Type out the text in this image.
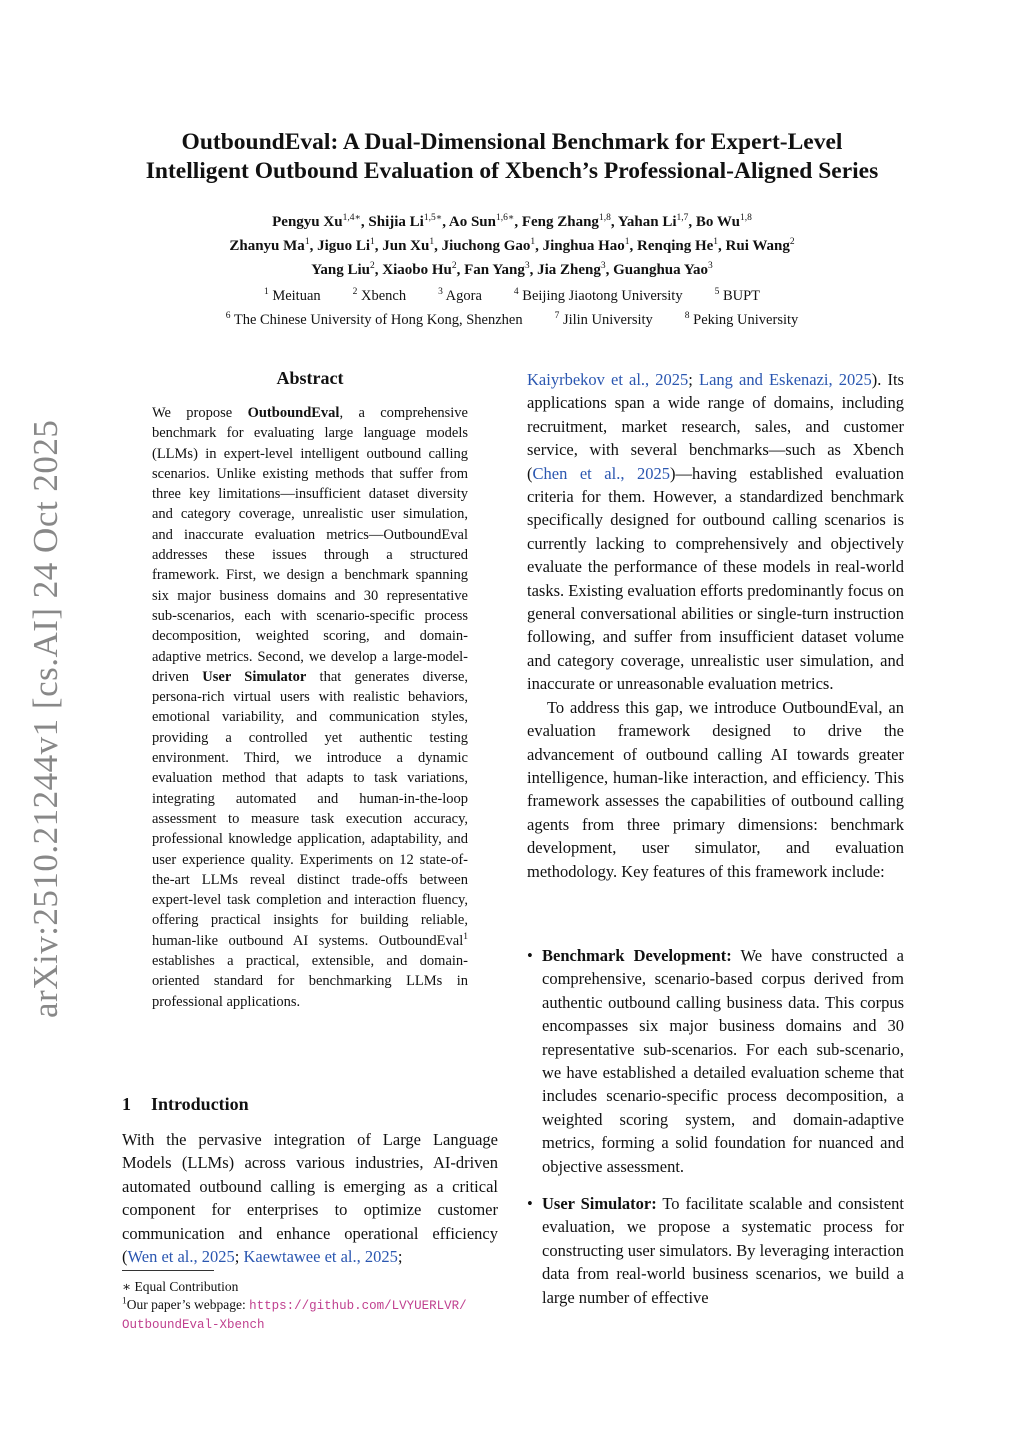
arXiv:2510.21244v1 [cs.AI] 24 Oct 2025
OutboundEval: A Dual-Dimensional Benchmark for Expert-Level
Intelligent Outbound Evaluation of Xbench’s Professional-Aligned Series
Pengyu $Xu^{1,4∗}$, Shijia $Li^{1,5∗}$, Ao Sun$^{1,6∗}$, Feng Zhang$^{1,8}$, Yahan Li$^{1,7}$, Bo Wu$^{1,8}$
Zhanyu Ma$^1$, Jiguo Li$^1$, Jun Xu$^1$, Jiuchong Gao$^1$, Jinghua Hao$^1$, Renqing He$^1$, Rui Wang$^2$
Yang Liu$^2$, Xiaobo Hu$^2$, Fan Yang$^3$, Jia Zheng$^3$, Guanghua Yao$^3$
$^1$ Meituan	$^2$ Xbench	$^3$ Agora	$^4$ Beijing Jiaotong University	$^5$ BUPT
$^6$ The Chinese University of Hong Kong, Shenzhen	$^7$ Jilin University	$^8$ Peking University
Abstract
We propose OutboundEval, a comprehensive benchmark for evaluating large language models (LLMs) in expert-level intelligent outbound calling scenarios. Unlike existing methods that suffer from three key limitations—insufficient dataset diversity and category coverage, unrealistic user simulation, and inaccurate evaluation metrics—OutboundEval addresses these issues through a structured framework. First, we design a benchmark spanning six major business domains and 30 representative sub-scenarios, each with scenario-specific process decomposition, weighted scoring, and domain-adaptive metrics. Second, we develop a large-model-driven User Simulator that generates diverse, persona-rich virtual users with realistic behaviors, emotional variability, and communication styles, providing a controlled yet authentic testing environment. Third, we introduce a dynamic evaluation method that adapts to task variations, integrating automated and human-in-the-loop assessment to measure task execution accuracy, professional knowledge application, adaptability, and user experience quality. Experiments on 12 state-of-the-art LLMs reveal distinct trade-offs between expert-level task completion and interaction fluency, offering practical insights for building reliable, human-like outbound AI systems. OutboundEval$^1$ establishes a practical, extensible, and domain-oriented standard for benchmarking LLMs in professional applications.
1 Introduction
With the pervasive integration of Large Language Models (LLMs) across various industries, AI-driven automated outbound calling is emerging as a critical component for enterprises to optimize customer communication and enhance operational efficiency (Wen et al., 2025; Kaewtawee et al., 2025;
∗ Equal Contribution
$^1$Our paper’s webpage: https://github.com/LVYUERLVR/
OutboundEval-Xbench

Kaiyrbekov et al., 2025; Lang and Eskenazi, 2025). Its applications span a wide range of domains, including recruitment, market research, sales, and customer service, with several benchmarks—such as Xbench (Chen et al., 2025)—having established evaluation criteria for them. However, a standardized benchmark specifically designed for outbound calling scenarios is currently lacking to comprehensively and objectively evaluate the performance of these models in real-world tasks. Existing evaluation efforts predominantly focus on general conversational abilities or single-turn instruction following, and suffer from insufficient dataset volume and category coverage, unrealistic user simulation, and inaccurate or unreasonable evaluation metrics.

To address this gap, we introduce OutboundEval, an evaluation framework designed to drive the advancement of outbound calling AI towards greater intelligence, human-like interaction, and efficiency. This framework assesses the capabilities of outbound calling agents from three primary dimensions: benchmark development, user simulator, and evaluation methodology. Key features of this framework include:

• Benchmark Development: We have constructed a comprehensive, scenario-based corpus derived from authentic outbound calling business data. This corpus encompasses six major business domains and 30 representative sub-scenarios. For each sub-scenario, we have established a detailed evaluation scheme that includes scenario-specific process decomposition, a weighted scoring system, and domain-adaptive metrics, forming a solid foundation for nuanced and objective assessment.
• User Simulator: To facilitate scalable and consistent evaluation, we propose a systematic process for constructing user simulators. By leveraging interaction data from real-world business scenarios, we build a large number of effective
